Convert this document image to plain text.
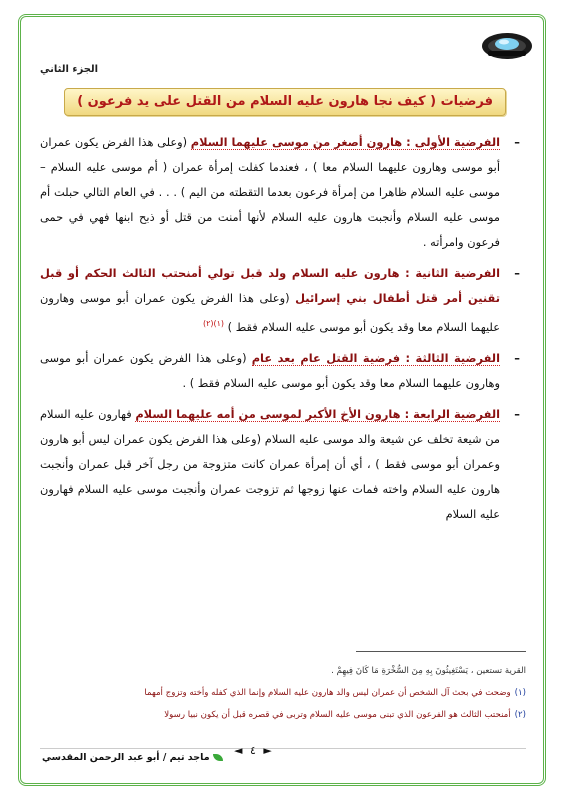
الجزء الثاني
فرضيات ( كيف نجا هارون عليه السلام من القتل على يد فرعون )

–
الفرضية الأولى : هارون أصغر من موسى عليهما السلام (وعلى هذا الفرض يكون عمران أبو موسى وهارون عليهما السلام معا ) ، فعندما كفلت إمرأة عمران ( أم موسى عليه السلام – موسى عليه السلام ظاهرا من إمرأة فرعون بعدما التقطته من اليم ) . . . في العام التالي حبلت أم موسى عليه السلام وأنجبت هارون عليه السلام لأنها أمنت من قتل أو ذبح ابنها فهي في حمى فرعون وامرأته .

–
الفرضية الثانية : هارون عليه السلام ولد قبل تولي أمنحتب الثالث الحكم أو قبل تقنين أمر قتل أطفال بني إسرائيل (وعلى هذا الفرض يكون عمران أبو موسى وهارون عليهما السلام معا وقد يكون أبو موسى عليه السلام فقط ) $^{(١)(٢)}$

–
الفرضية الثالثة : فرضية القتل عام بعد عام (وعلى هذا الفرض يكون عمران أبو موسى وهارون عليهما السلام معا وقد يكون أبو موسى عليه السلام فقط ) .

–
الفرضية الرابعة : هارون الأخ الأكبر لموسى من أمه عليهما السلام فهارون عليه السلام من شيعة تخلف عن شيعة والد موسى عليه السلام (وعلى هذا الفرض يكون عمران ليس أبو هارون وعمران أبو موسى فقط ) ، أي أن إمرأة عمران كانت متزوجة من رجل آخر قبل عمران وأنجبت هارون عليه السلام واخته فمات عنها زوجها ثم تزوجت عمران وأنجبت موسى عليه السلام فهارون عليه السلام

القرية تستعين ، يَسْتَغِيثُونَ بِهِ مِنَ السُّخْرَةِ مَا كَانَ فِيهِمْ .
(١)وضحت في بحث آل الشخص أن عمران ليس والد هارون عليه السلام وإنما الذي كفله وأخته وتزوج أمهما
(٢)أمنحتب الثالث هو الفرعون الذي تبنى موسى عليه السلام وتربى في قصره قبل أن يكون نبيا رسولا
◄ ٤ ►
ماجد تيم / أبو عبد الرحمن المقدسي
